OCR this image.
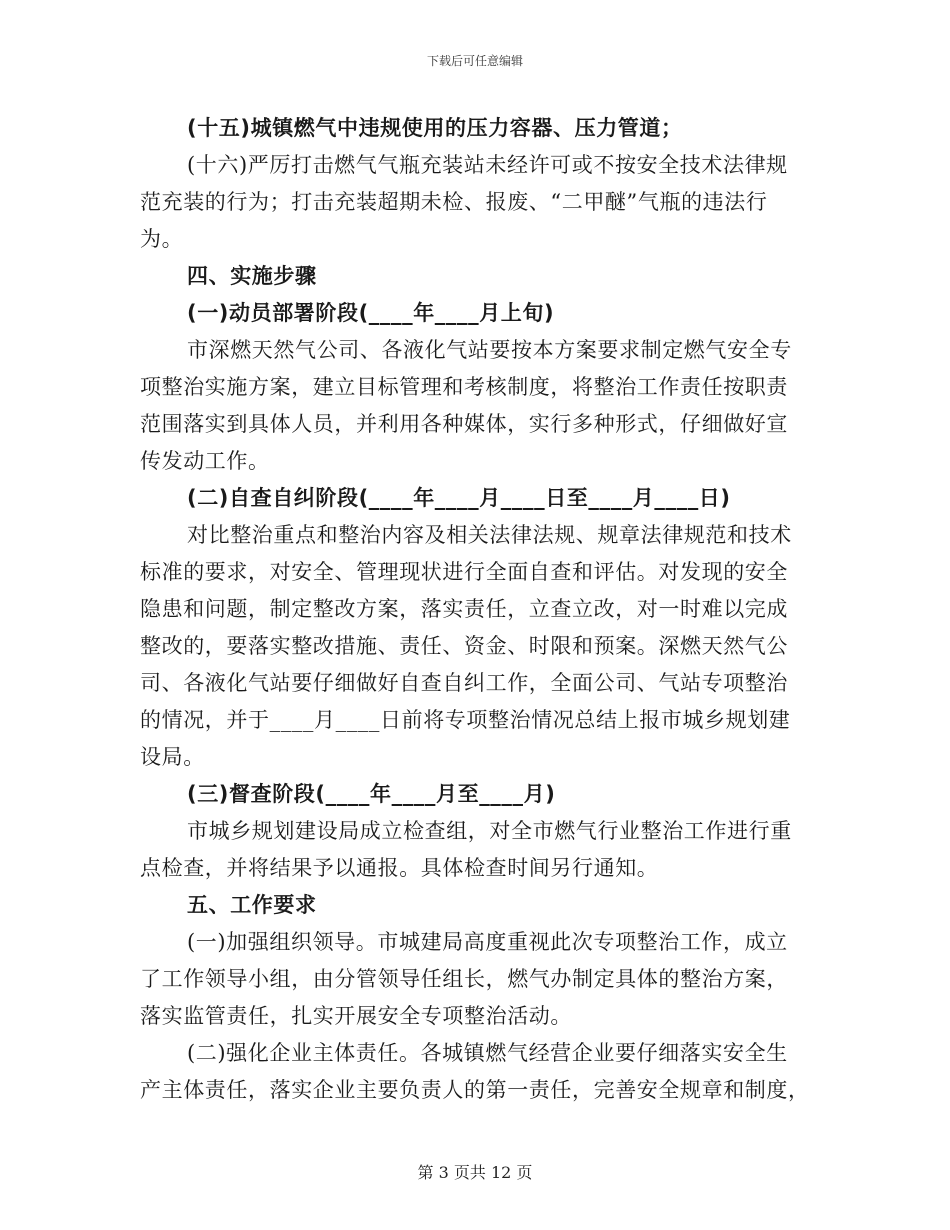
下载后可任意编辑
(十五)城镇燃气中违规使用的压力容器、压力管道；
(十六)严厉打击燃气气瓶充装站未经许可或不按安全技术法律规
范充装的行为；打击充装超期未检、报废、“二甲醚”气瓶的违法行
为。
四、实施步骤
(一)动员部署阶段(____年____月上旬)
市深燃天然气公司、各液化气站要按本方案要求制定燃气安全专
项整治实施方案，建立目标管理和考核制度，将整治工作责任按职责
范围落实到具体人员，并利用各种媒体，实行多种形式，仔细做好宣
传发动工作。
(二)自查自纠阶段(____年____月____日至____月____日)
对比整治重点和整治内容及相关法律法规、规章法律规范和技术
标准的要求，对安全、管理现状进行全面自查和评估。对发现的安全
隐患和问题，制定整改方案，落实责任，立查立改，对一时难以完成
整改的，要落实整改措施、责任、资金、时限和预案。深燃天然气公
司、各液化气站要仔细做好自查自纠工作，全面公司、气站专项整治
的情况，并于____月____日前将专项整治情况总结上报市城乡规划建
设局。
(三)督查阶段(____年____月至____月)
市城乡规划建设局成立检查组，对全市燃气行业整治工作进行重
点检查，并将结果予以通报。具体检查时间另行通知。
五、工作要求
(一)加强组织领导。市城建局高度重视此次专项整治工作，成立
了工作领导小组，由分管领导任组长，燃气办制定具体的整治方案，
落实监管责任，扎实开展安全专项整治活动。
(二)强化企业主体责任。各城镇燃气经营企业要仔细落实安全生
产主体责任，落实企业主要负责人的第一责任，完善安全规章和制度，
第 3 页共 12 页
